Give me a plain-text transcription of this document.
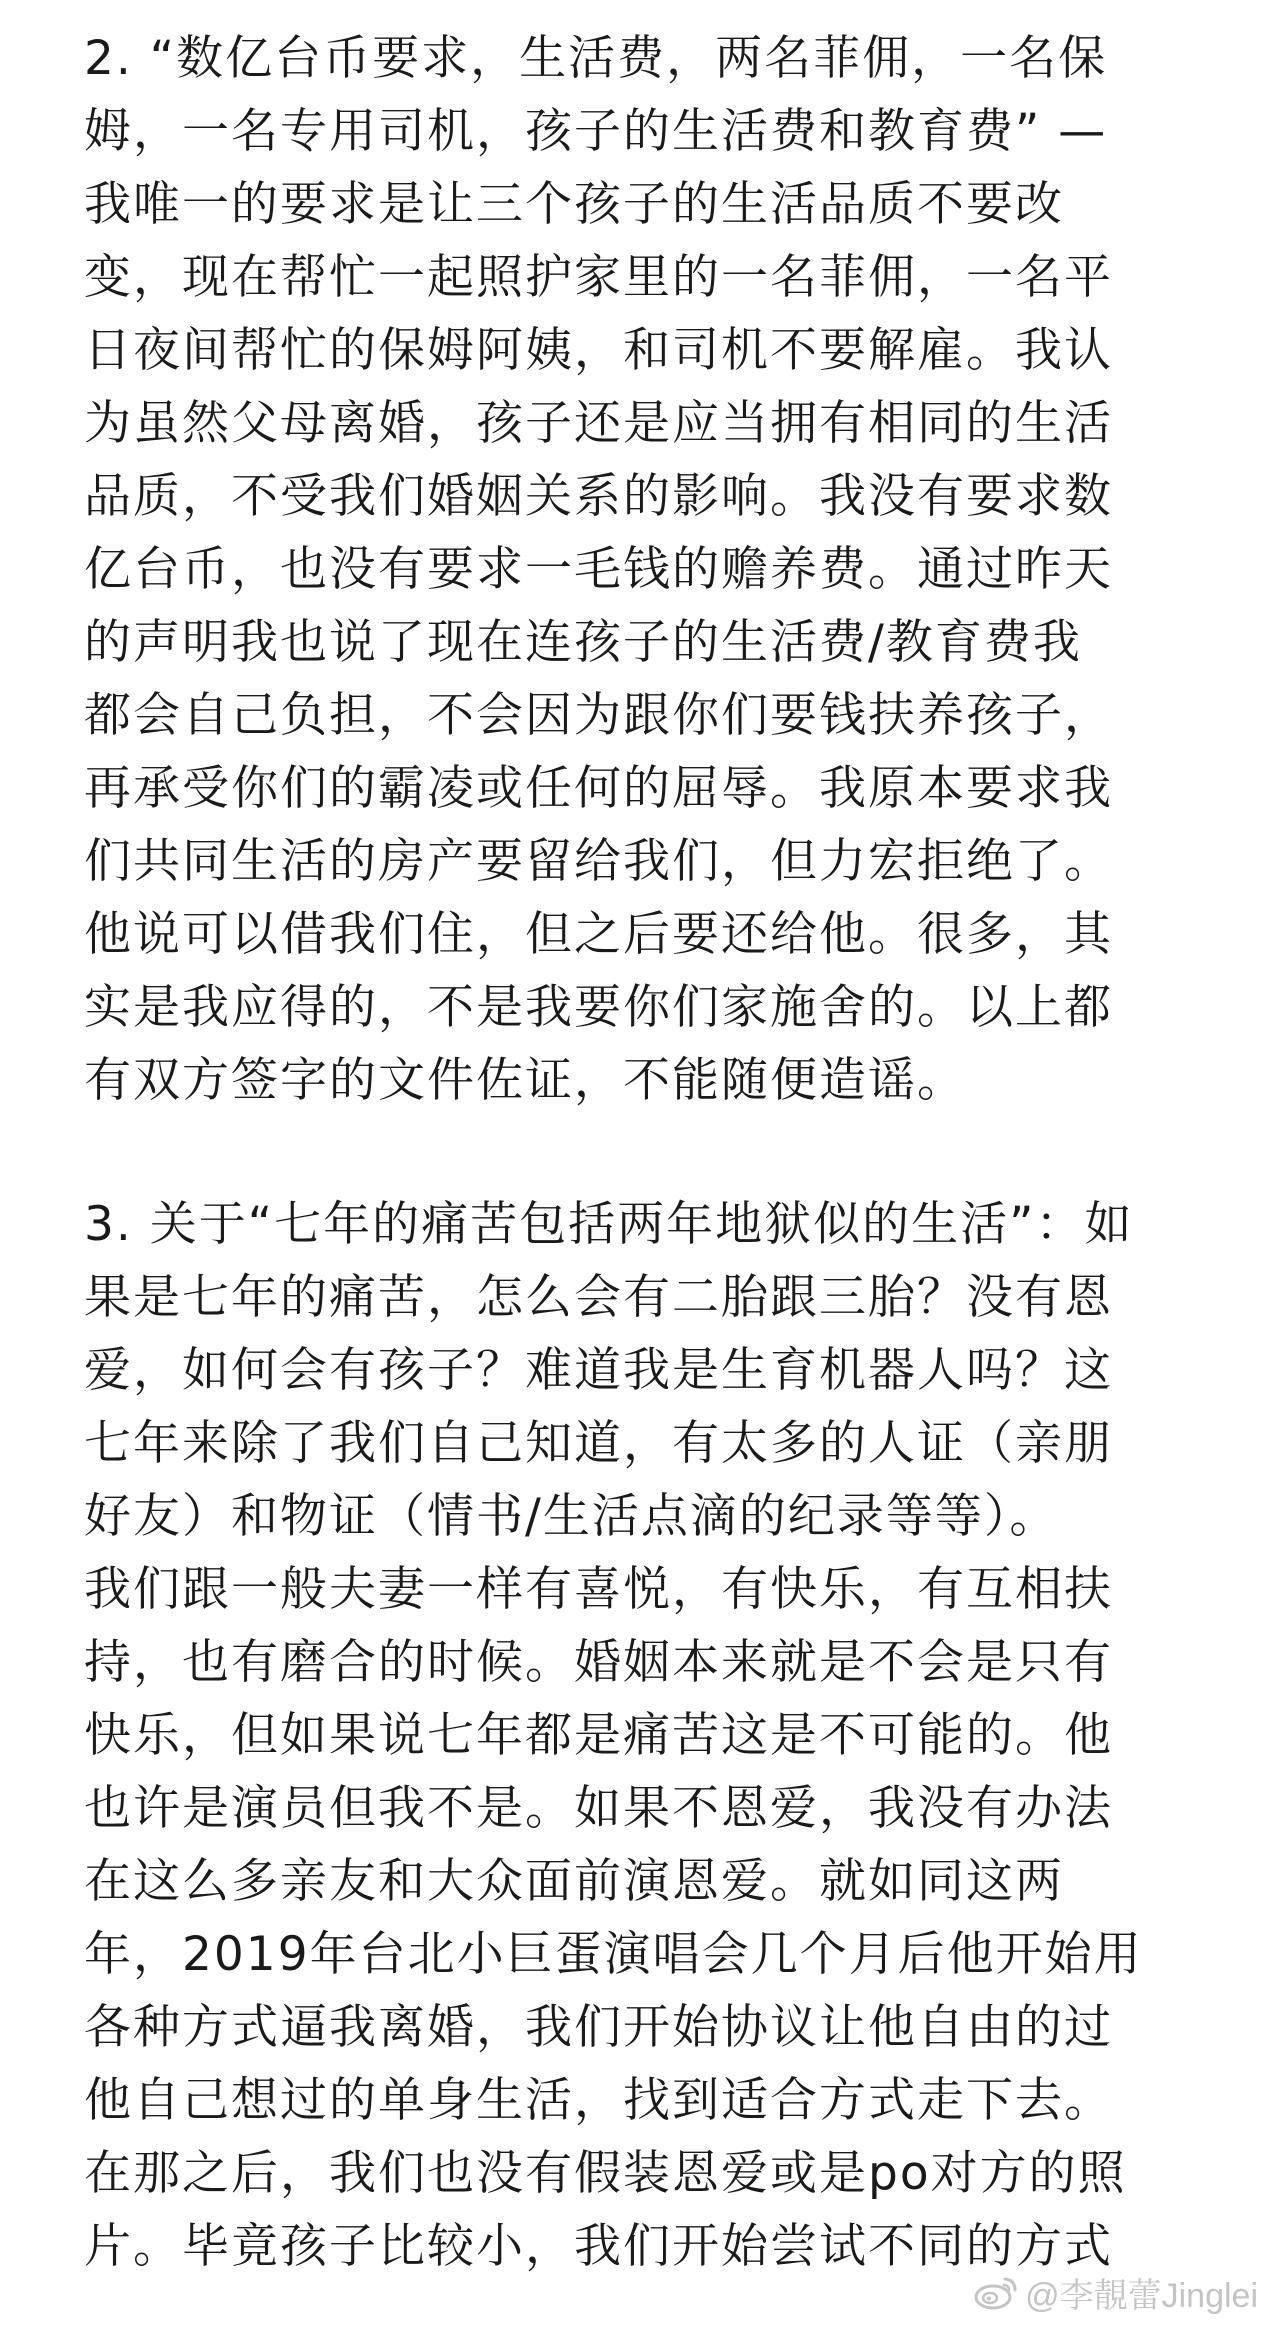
2. “数亿台币要求，生活费，两名菲佣，一名保
姆，一名专用司机，孩子的生活费和教育费” —
我唯一的要求是让三个孩子的生活品质不要改
变，现在帮忙一起照护家里的一名菲佣，一名平
日夜间帮忙的保姆阿姨，和司机不要解雇。我认
为虽然父母离婚，孩子还是应当拥有相同的生活
品质，不受我们婚姻关系的影响。我没有要求数
亿台币，也没有要求一毛钱的赡养费。通过昨天
的声明我也说了现在连孩子的生活费/教育费我
都会自己负担，不会因为跟你们要钱扶养孩子，
再承受你们的霸凌或任何的屈辱。我原本要求我
们共同生活的房产要留给我们，但力宏拒绝了。
他说可以借我们住，但之后要还给他。很多，其
实是我应得的，不是我要你们家施舍的。以上都
有双方签字的文件佐证，不能随便造谣。
3. 关于“七年的痛苦包括两年地狱似的生活”：如
果是七年的痛苦，怎么会有二胎跟三胎？没有恩
爱，如何会有孩子？难道我是生育机器人吗？这
七年来除了我们自己知道，有太多的人证（亲朋
好友）和物证（情书/生活点滴的纪录等等）。
我们跟一般夫妻一样有喜悦，有快乐，有互相扶
持，也有磨合的时候。婚姻本来就是不会是只有
快乐，但如果说七年都是痛苦这是不可能的。他
也许是演员但我不是。如果不恩爱，我没有办法
在这么多亲友和大众面前演恩爱。就如同这两
年，2019年台北小巨蛋演唱会几个月后他开始用
各种方式逼我离婚，我们开始协议让他自由的过
他自己想过的单身生活，找到适合方式走下去。
在那之后，我们也没有假装恩爱或是po对方的照
片。毕竟孩子比较小，我们开始尝试不同的方式
@李靚蕾Jinglei
